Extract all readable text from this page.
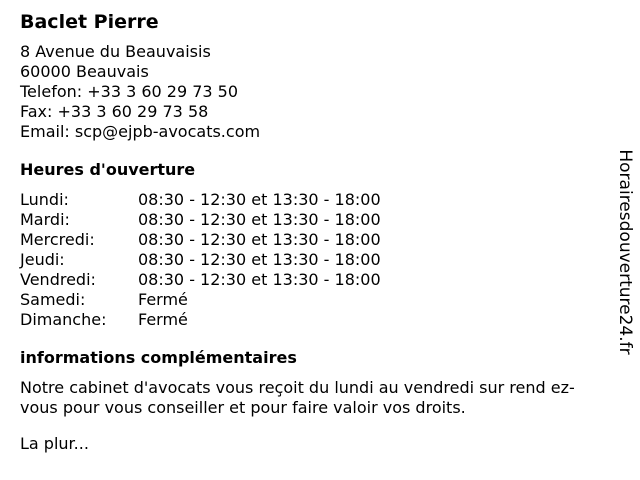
Baclet Pierre
8 Avenue du Beauvaisis
60000 Beauvais
Telefon: +33 3 60 29 73 50
Fax: +33 3 60 29 73 58
Email: scp@ejpb-avocats.com
Heures d'ouverture
Lundi:	08:30 - 12:30 et 13:30 - 18:00
Mardi:	08:30 - 12:30 et 13:30 - 18:00
Mercredi:	08:30 - 12:30 et 13:30 - 18:00
Jeudi:	08:30 - 12:30 et 13:30 - 18:00
Vendredi:	08:30 - 12:30 et 13:30 - 18:00
Samedi:	Fermé
Dimanche:	Fermé
informations complémentaires
Notre cabinet d'avocats vous reçoit du lundi au vendredi sur rend ez-vous pour vous conseiller et pour faire valoir vos droits.
La plur...
Horairesdouverture24.fr
